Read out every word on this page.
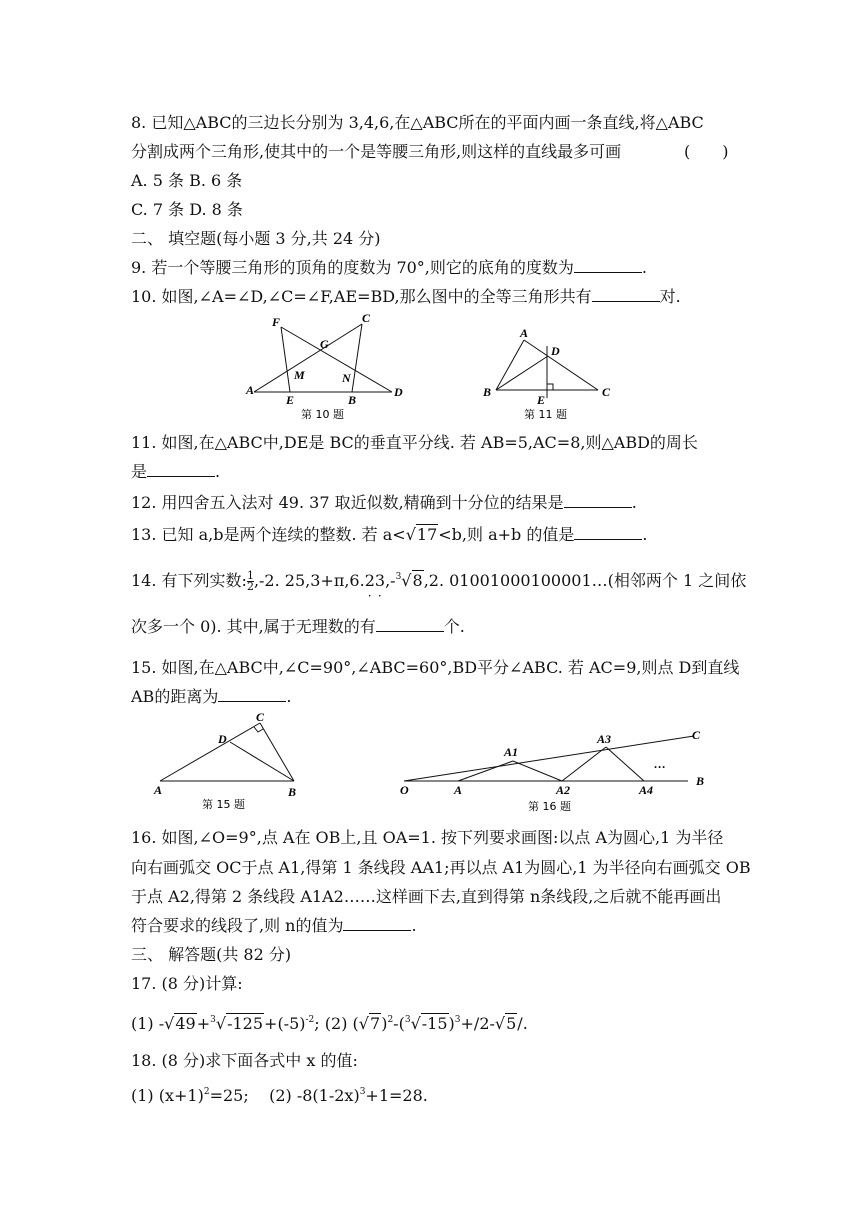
8. 已知△ABC的三边长分别为 3,4,6,在△ABC所在的平面内画一条直线,将△ABC
分割成两个三角形,使其中的一个是等腰三角形,则这样的直线最多可画	(　　)
A. 5 条 B. 6 条
C. 7 条 D. 8 条
二、 填空题(每小题 3 分,共 24 分)
9. 若一个等腰三角形的顶角的度数为 70°,则它的底角的度数为	.
10. 如图,∠A=∠D,∠C=∠F,AE=BD,那么图中的全等三角形共有	对.
F	C
G
M	N
A
E	B
D
第 10 题
A
D
B
E
C
第 11 题
11. 如图,在△ABC中,DE是 BC的垂直平分线. 若 AB=5,AC=8,则△ABD的周长
是	.
12. 用四舍五入法对 49. 37 取近似数,精确到十分位的结果是	.
13. 已知 a,b是两个连续的整数. 若 a<√17<b,则 a+b 的值是	.
14. 有下列实数: $\frac{1}{2} ,-2$. 25,3+π,6.2
·
3
·
,-$^3$√8,2. 01001000100001…(相邻两个 1 之间依
次多一个 0). 其中,属于无理数的有	个.
15. 如图,在△ABC中,∠C=90°,∠ABC=60°,BD平分∠ABC. 若 AC=9,则点 D到直线
AB的距离为	.
C
D
A	B
第 15 题
C
A1
A3
…
B
O	A	A2	A4
第 16 题
16. 如图,∠O=9°,点 A在 OB上,且 OA=1. 按下列要求画图:以点 A为圆心,1 为半径
向右画弧交 OC于点 A1,得第 1 条线段 AA1;再以点 A1为圆心,1 为半径向右画弧交 OB
于点 A2,得第 2 条线段 A1A2……这样画下去,直到得第 n条线段,之后就不能再画出
符合要求的线段了,则 n的值为	.
三、 解答题(共 82 分)
17. (8 分)计算:
(1) $-√49+^3√-125+(-5)^{-2}$; (2) $(√7)^2-(^3√-15)^3+/2-√5/$.
18. (8 分)求下面各式中 x 的值:
(1) $(x+1)^2=25$; (2) $-8(1-2x)^3+1=28$.
